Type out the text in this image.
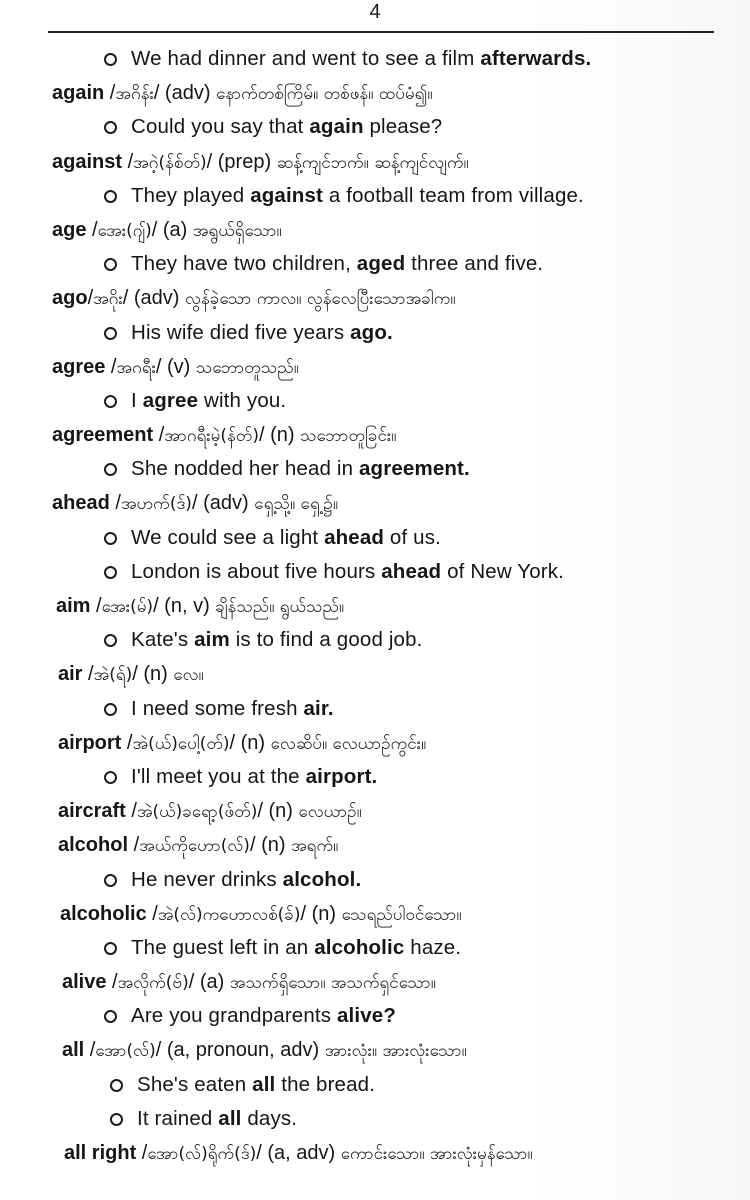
4
We had dinner and went to see a film afterwards.
again /အဂိန်း/ (adv) နောက်တစ်ကြိမ်။ တစ်ဖန်။ ထပ်မံ၍။
Could you say that again please?
against /အဂဲ့(န်စ်တ်)/ (prep) ဆန့်ကျင်ဘက်။ ဆန့်ကျင်လျက်။
They played against a football team from village.
age /အေး(ဂျ်)/ (a) အရွယ်ရှိသော။
They have two children, aged three and five.
ago/အဂိုး/ (adv) လွန်ခဲ့သော ကာလ။ လွန်လေပြီးသောအခါက။
His wife died five years ago.
agree /အဂရီး/ (v) သဘောတူသည်။
I agree with you.
agreement /အာဂရီးမဲ့(န်တ်)/ (n) သဘောတူခြင်း။
She nodded her head in agreement.
ahead /အဟက်(ဒ်)/ (adv) ရှေ့သို့။ ရှေ့၌။
We could see a light ahead of us.
London is about five hours ahead of New York.
aim /အေး(မ်)/ (n, v) ချိန်သည်။ ရွယ်သည်။
Kate's aim is to find a good job.
air /အဲ(ရ်)/ (n) လေ။
I need some fresh air.
airport /အဲ(ယ်)ပေါ့(တ်)/ (n) လေဆိပ်။ လေယာဉ်ကွင်း။
I'll meet you at the airport.
aircraft /အဲ(ယ်)ခရော့(ဖ်တ်)/ (n) လေယာဉ်။
alcohol /အယ်ကိုဟော(လ်)/ (n) အရက်။
He never drinks alcohol.
alcoholic /အဲ(လ်)ကဟောလစ်(ခ်)/ (n) သေရည်ပါဝင်သော။
The guest left in an alcoholic haze.
alive /အလိုက်(ဗ်)/ (a) အသက်ရှိသော။ အသက်ရှင်သော။
Are you grandparents alive?
all /အော(လ်)/ (a, pronoun, adv) အားလုံး။ အားလုံးသော။
She's eaten all the bread.
It rained all days.
all right /အော(လ်)ရိုက်(ဒ်)/ (a, adv) ကောင်းသော။ အားလုံးမှန်သော။
